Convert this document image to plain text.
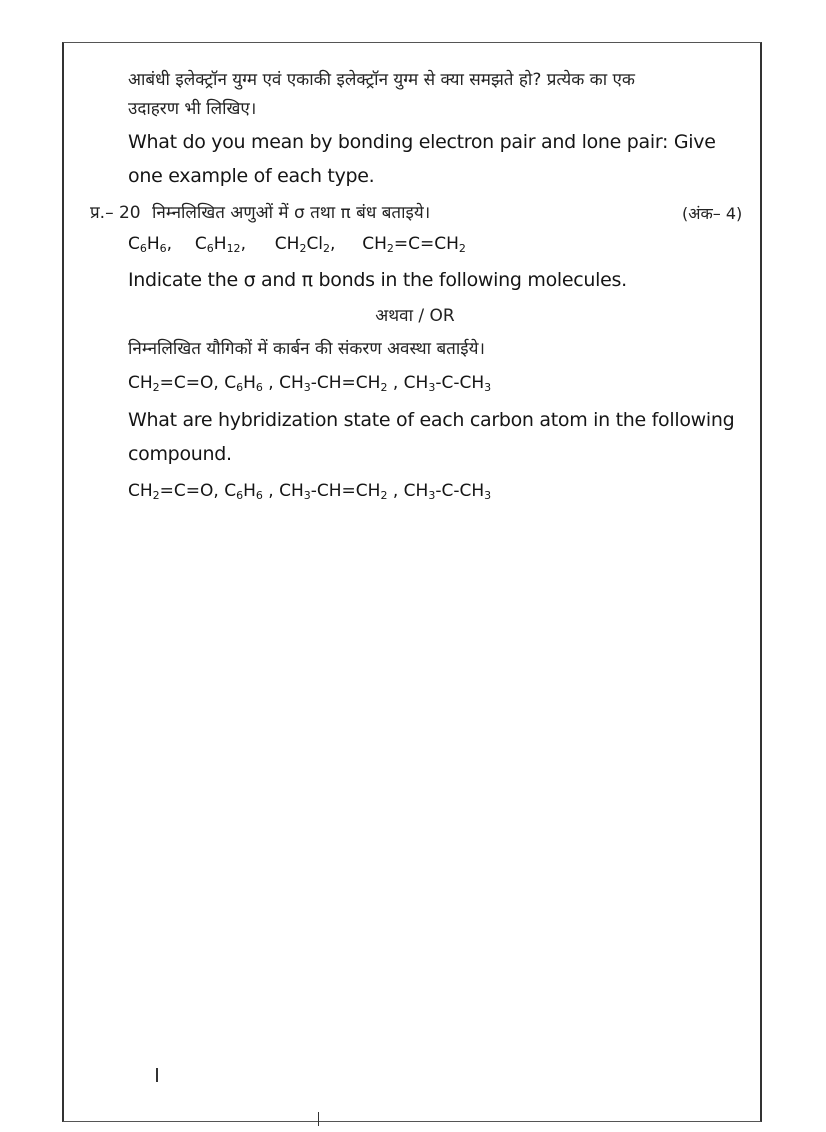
आबंधी इलेक्ट्रॉन युग्म एवं एकाकी इलेक्ट्रॉन युग्म से क्या समझते हो? प्रत्येक का एक
उदाहरण भी लिखिए।
What do you mean by bonding electron pair and lone pair: Give
one example of each type.
प्र.– 20 निम्नलिखित अणुओं में σ तथा π बंध बताइये।	(अंक– 4)
$C_6H_6$, $C_6H_{12}$, $CH_2Cl_2$, $CH_2=C=CH_2$
Indicate the σ and π bonds in the following molecules.
अथवा / OR
निम्नलिखित यौगिकों में कार्बन की संकरण अवस्था बताईये।
$CH_2=C=O$, $C_6H_6$ , $CH_3-CH=CH_2$ , $CH_3-C-CH_3$
What are hybridization state of each carbon atom in the following
compound.
$CH_2=C=O$, $C_6H_6$ , $CH_3-CH=CH_2$ , $CH_3-C-CH_3$
